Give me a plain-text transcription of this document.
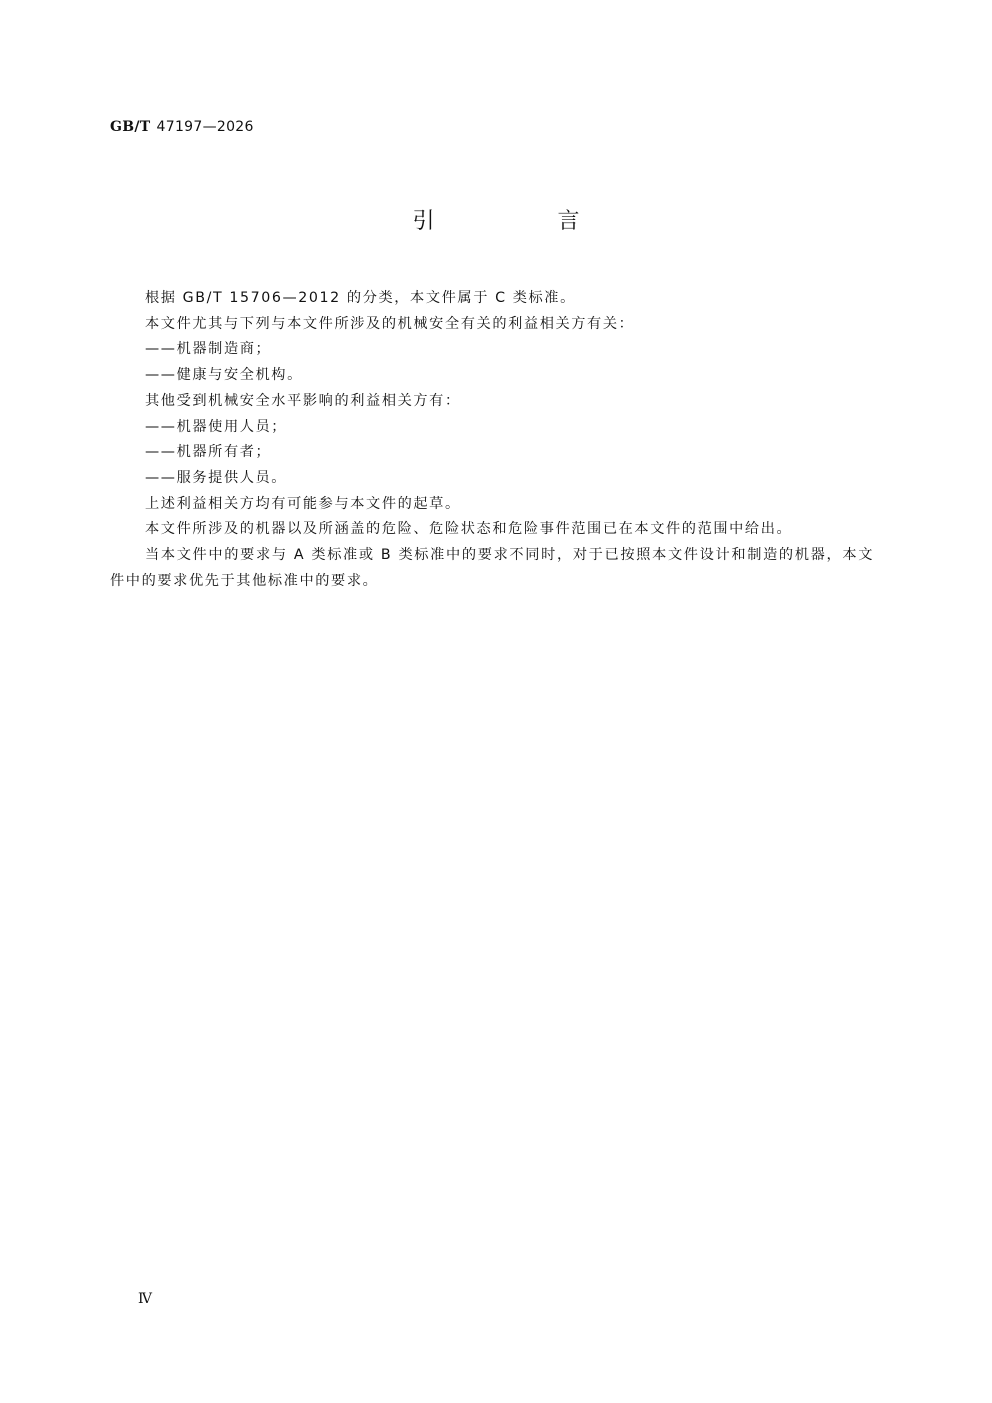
GB/T 47197—2026
引 言

根据 GB/T 15706—2012 的分类，本文件属于 C 类标准。

本文件尤其与下列与本文件所涉及的机械安全有关的利益相关方有关：

——机器制造商；

——健康与安全机构。

其他受到机械安全水平影响的利益相关方有：

——机器使用人员；

——机器所有者；

——服务提供人员。

上述利益相关方均有可能参与本文件的起草。

本文件所涉及的机器以及所涵盖的危险、危险状态和危险事件范围已在本文件的范围中给出。

当本文件中的要求与 A 类标准或 B 类标准中的要求不同时，对于已按照本文件设计和制造的机器，本文件中的要求优先于其他标准中的要求。

Ⅳ
